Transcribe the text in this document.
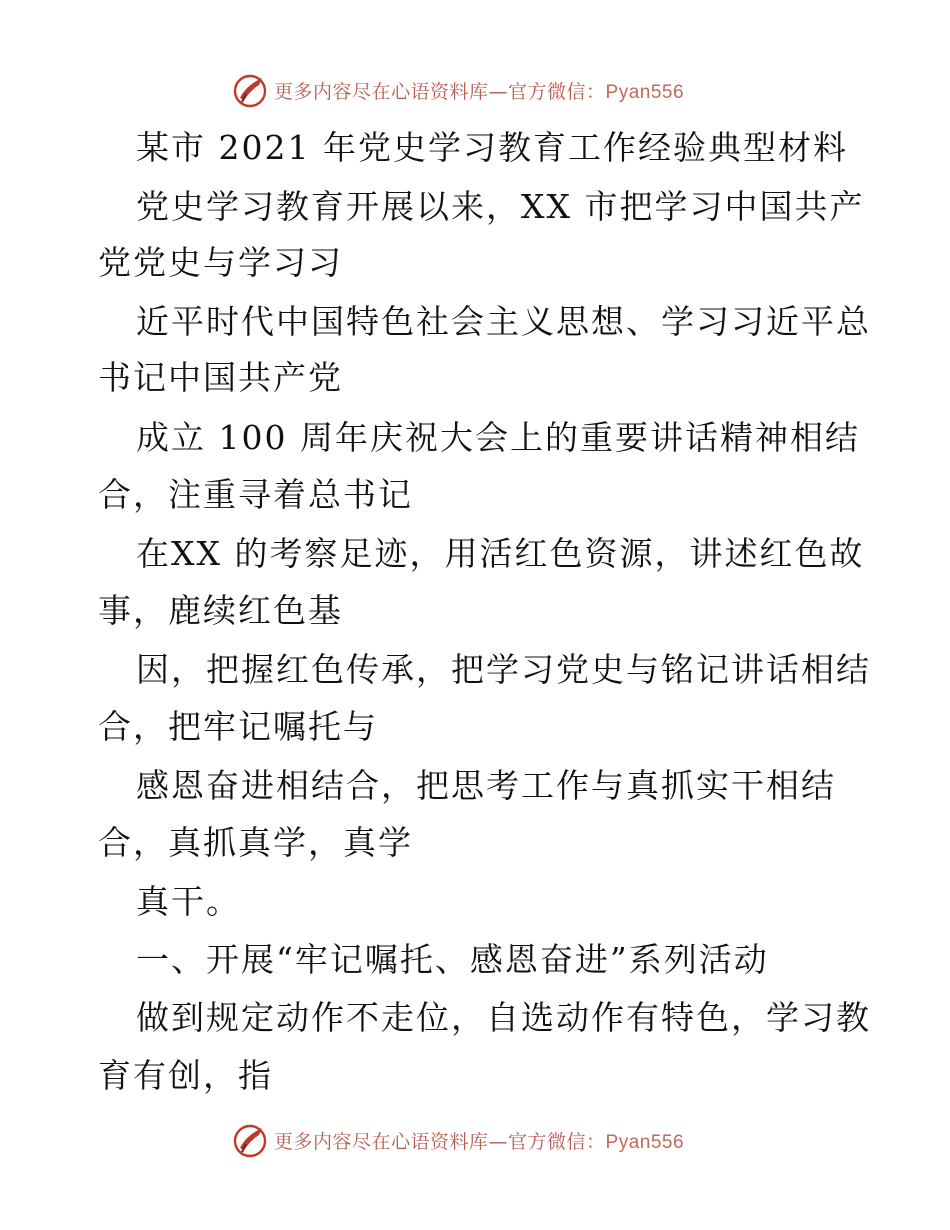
更多内容尽在心语资料库—官方微信：Pyan556
某市 2021 年党史学习教育工作经验典型材料
党史学习教育开展以来，XX 市把学习中国共产
党党史与学习习
近平时代中国特色社会主义思想、学习习近平总
书记中国共产党
成立 100 周年庆祝大会上的重要讲话精神相结
合，注重寻着总书记
在XX 的考察足迹，用活红色资源，讲述红色故
事，鹿续红色基
因，把握红色传承，把学习党史与铭记讲话相结
合，把牢记嘱托与
感恩奋进相结合，把思考工作与真抓实干相结
合，真抓真学，真学
真干。
一、开展“牢记嘱托、感恩奋进”系列活动
做到规定动作不走位，自选动作有特色，学习教
育有创，指
更多内容尽在心语资料库—官方微信：Pyan556
